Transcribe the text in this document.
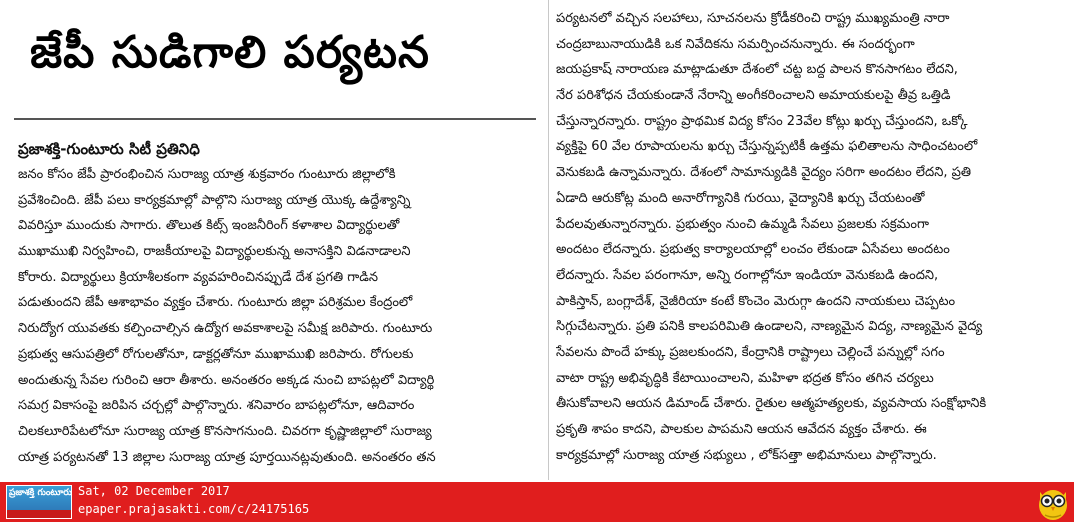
జేపీ సుడిగాలి పర్యటన
ప్రజాశక్తి-గుంటూరు సిటీ ప్రతినిధి
జనం కోసం జేపీ ప్రారంభించిన సురాజ్య యాత్ర శుక్రవారం గుంటూరు జిల్లాలోకి
ప్రవేశించింది. జేపీ పలు కార్యక్రమాల్లో పాల్గొని సురాజ్య యాత్ర యొక్క ఉద్దేశ్యాన్ని
వివరిస్తూ ముందుకు సాగారు. తొలుత కిట్స్ ఇంజనీరింగ్ కళాశాల విద్యార్థులతో
ముఖాముఖి నిర్వహించి, రాజకీయాలపై విద్యార్థులకున్న అనాసక్తిని విడనాడాలని
కోరారు. విద్యార్థులు క్రియాశీలకంగా వ్యవహరించినప్పుడే దేశ ప్రగతి గాడిన
పడుతుందని జేపీ ఆశాభావం వ్యక్తం చేశారు. గుంటూరు జిల్లా పరిశ్రమల కేంద్రంలో
నిరుద్యోగ యువతకు కల్పించాల్సిన ఉద్యోగ అవకాశాలపై సమీక్ష జరిపారు. గుంటూరు
ప్రభుత్వ ఆసుపత్రిలో రోగులతోనూ, డాక్టర్లతోనూ ముఖాముఖి జరిపారు. రోగులకు
అందుతున్న సేవల గురించి ఆరా తీశారు. అనంతరం అక్కడ నుంచి బాపట్లలో విద్యార్థి
సమగ్ర వికాసంపై జరిపిన చర్చల్లో పాల్గొన్నారు. శనివారం బాపట్లలోనూ, ఆదివారం
చిలకలూరిపేటలోనూ సురాజ్య యాత్ర కొనసాగనుంది. చివరగా కృష్ణాజిల్లాలో సురాజ్య
యాత్ర పర్యటనతో 13 జిల్లాల సురాజ్య యాత్ర పూర్తయినట్లవుతుంది. అనంతరం తన
పర్యటనలో వచ్చిన సలహాలు, సూచనలను క్రోడీకరించి రాష్ట్ర ముఖ్యమంత్రి నారా
చంద్రబాబునాయుడికి ఒక నివేదికను సమర్పించనున్నారు. ఈ సందర్భంగా
జయప్రకాష్ నారాయణ మాట్లాడుతూ దేశంలో చట్ట బద్ద పాలన కొనసాగటం లేదని,
నేర పరిశోధన చేయకుండానే నేరాన్ని అంగీకరించాలని అమాయకులపై తీవ్ర ఒత్తిడి
చేస్తున్నారన్నారు. రాష్ట్రం ప్రాథమిక విద్య కోసం 23వేల కోట్లు ఖర్చు చేస్తుందని, ఒక్కో
వ్యక్తిపై 60 వేల రూపాయలను ఖర్చు చేస్తున్నప్పటికీ ఉత్తమ ఫలితాలను సాధించటంలో
వెనుకబడి ఉన్నామన్నారు. దేశంలో సామాన్యుడికి వైద్యం సరిగా అందటం లేదని, ప్రతి
ఏడాది ఆరుకోట్ల మంది అనారోగ్యానికి గురయి, వైద్యానికి ఖర్చు చేయటంతో
పేదలవుతున్నారన్నారు. ప్రభుత్వం నుంచి ఉమ్మడి సేవలు ప్రజలకు సక్రమంగా
అందటం లేదన్నారు. ప్రభుత్వ కార్యాలయాల్లో లంచం లేకుండా ఏసేవలు అందటం
లేదన్నారు. సేవల పరంగానూ, అన్ని రంగాల్లోనూ ఇండియా వెనుకబడి ఉందని,
పాకిస్తాన్, బంగ్లాదేశ్, నైజీరియా కంటే కొంచెం మెరుగ్గా ఉందని నాయకులు చెప్పటం
సిగ్గుచేటన్నారు. ప్రతి పనికి కాలపరిమితి ఉండాలని, నాణ్యమైన విద్య, నాణ్యమైన వైద్య
సేవలను పొందే హక్కు ప్రజలకుందని, కేంద్రానికి రాష్ట్రాలు చెల్లించే పన్నుల్లో సగం
వాటా రాష్ట్ర అభివృద్ధికి కేటాయించాలని, మహిళా భద్రత కోసం తగిన చర్యలు
తీసుకోవాలని ఆయన డిమాండ్ చేశారు. రైతుల ఆత్మహత్యలకు, వ్యవసాయ సంక్షోభానికి
ప్రకృతి శాపం కాదని, పాలకుల పాపమని ఆయన ఆవేదన వ్యక్తం చేశారు. ఈ
కార్యక్రమాల్లో సురాజ్య యాత్ర సభ్యులు , లోక్‌సత్తా అభిమానులు పాల్గొన్నారు.
ప్రజాశక్తి గుంటూరు Sat, 02 December 2017
epaper.prajasakti.com/c/24175165
